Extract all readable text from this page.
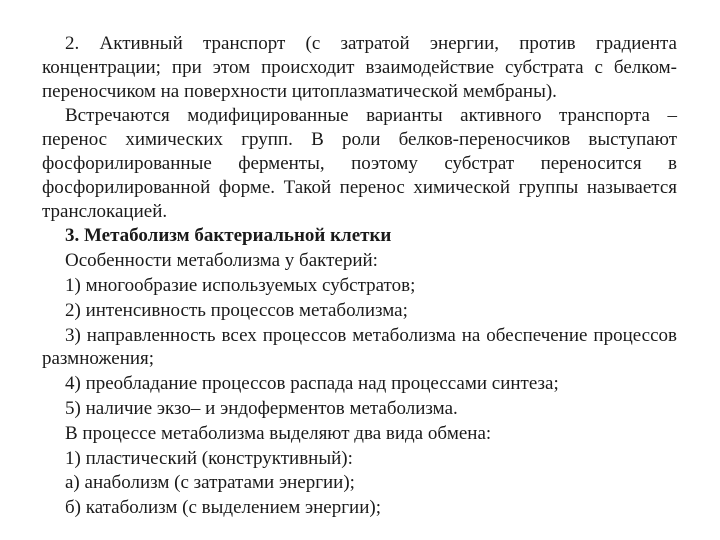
2. Активный транспорт (с затратой энергии, против градиента концентрации; при этом происходит взаимодействие субстрата с белком-переносчиком на поверхности цитоплазматической мембраны).

Встречаются модифицированные варианты активного транспорта – перенос химических групп. В роли белков-переносчиков выступают фосфорилированные ферменты, поэтому субстрат переносится в фосфорилированной форме. Такой перенос химической группы называется транслокацией.

3. Метаболизм бактериальной клетки

Особенности метаболизма у бактерий:

1) многообразие используемых субстратов;

2) интенсивность процессов метаболизма;

3) направленность всех процессов метаболизма на обеспечение процессов размножения;

4) преобладание процессов распада над процессами синтеза;

5) наличие экзо– и эндоферментов метаболизма.

В процессе метаболизма выделяют два вида обмена:

1) пластический (конструктивный):

а) анаболизм (с затратами энергии);

б) катаболизм (с выделением энергии);
